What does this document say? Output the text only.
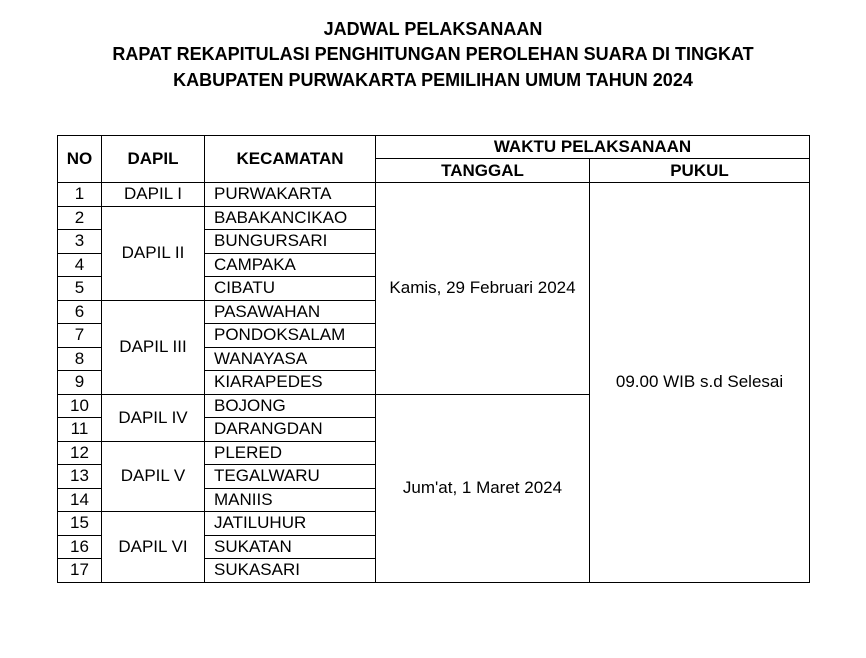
JADWAL PELAKSANAAN
RAPAT REKAPITULASI PENGHITUNGAN PEROLEHAN SUARA DI TINGKAT
KABUPATEN PURWAKARTA PEMILIHAN UMUM TAHUN 2024
NO	DAPIL	KECAMATAN	WAKTU PELAKSANAAN	
			TANGGAL	PUKUL
1	DAPIL I	PURWAKARTA	Kamis, 29 Februari 2024	09.00 WIB s.d Selesai
2	DAPIL II	BABAKANCIKAO		
3		BUNGURSARI		
4		CAMPAKA		
5		CIBATU		
6	DAPIL III	PASAWAHAN		
7		PONDOKSALAM		
8		WANAYASA		
9		KIARAPEDES		
10	DAPIL IV	BOJONG	Jum'at, 1 Maret 2024	
11		DARANGDAN		
12	DAPIL V	PLERED		
13		TEGALWARU		
14		MANIIS		
15	DAPIL VI	JATILUHUR		
16		SUKATAN		
17		SUKASARI		
